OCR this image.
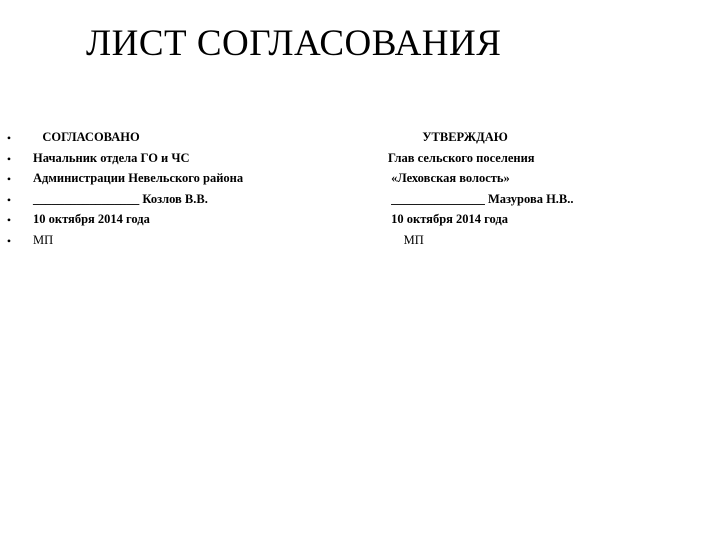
ЛИСТ СОГЛАСОВАНИЯ
•
•
•
•
•
•
СОГЛАСОВАНО
Начальник отдела ГО и ЧС
Администрации Невельского района
_________________ Козлов В.В.
10 октября 2014 года
МП
УТВЕРЖДАЮ
Глав сельского поселения
«Леховская волость»
_______________ Мазурова Н.В..
10 октября 2014 года
МП
